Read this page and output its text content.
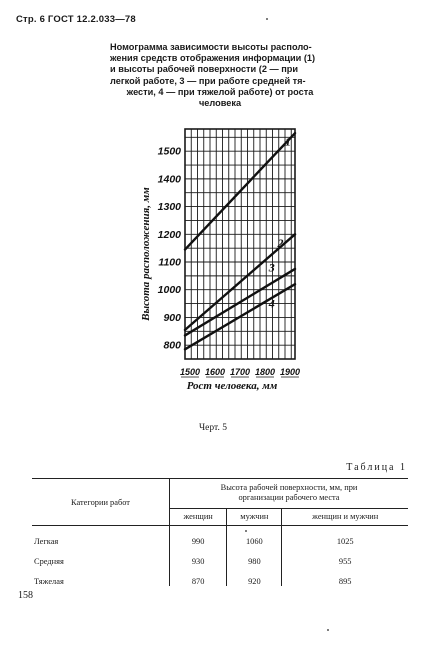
Стр. 6 ГОСТ 12.2.033—78
Номограмма зависимости высоты располо-
жения средств отображения информации (1)
и высоты рабочей поверхности (2 — при
легкой работе, 3 — при работе средней тя-
жести, 4 — при тяжелой работе) от роста
человека
1
2
3
4
800
900
1000
1100
1200
1300
1400
1500
1500 1600 1700 1800 1900
Рост человека, мм
Высота расположения, мм
Черт. 5
Таблица 1
Категории работ	Высота рабочей поверхности, мм, при
организации рабочего места		

	женщин	мужчин	женщин и мужчин
Легкая	990	1060	1025
Средняя	930	980	955
Тяжелая	870	920	895
158
